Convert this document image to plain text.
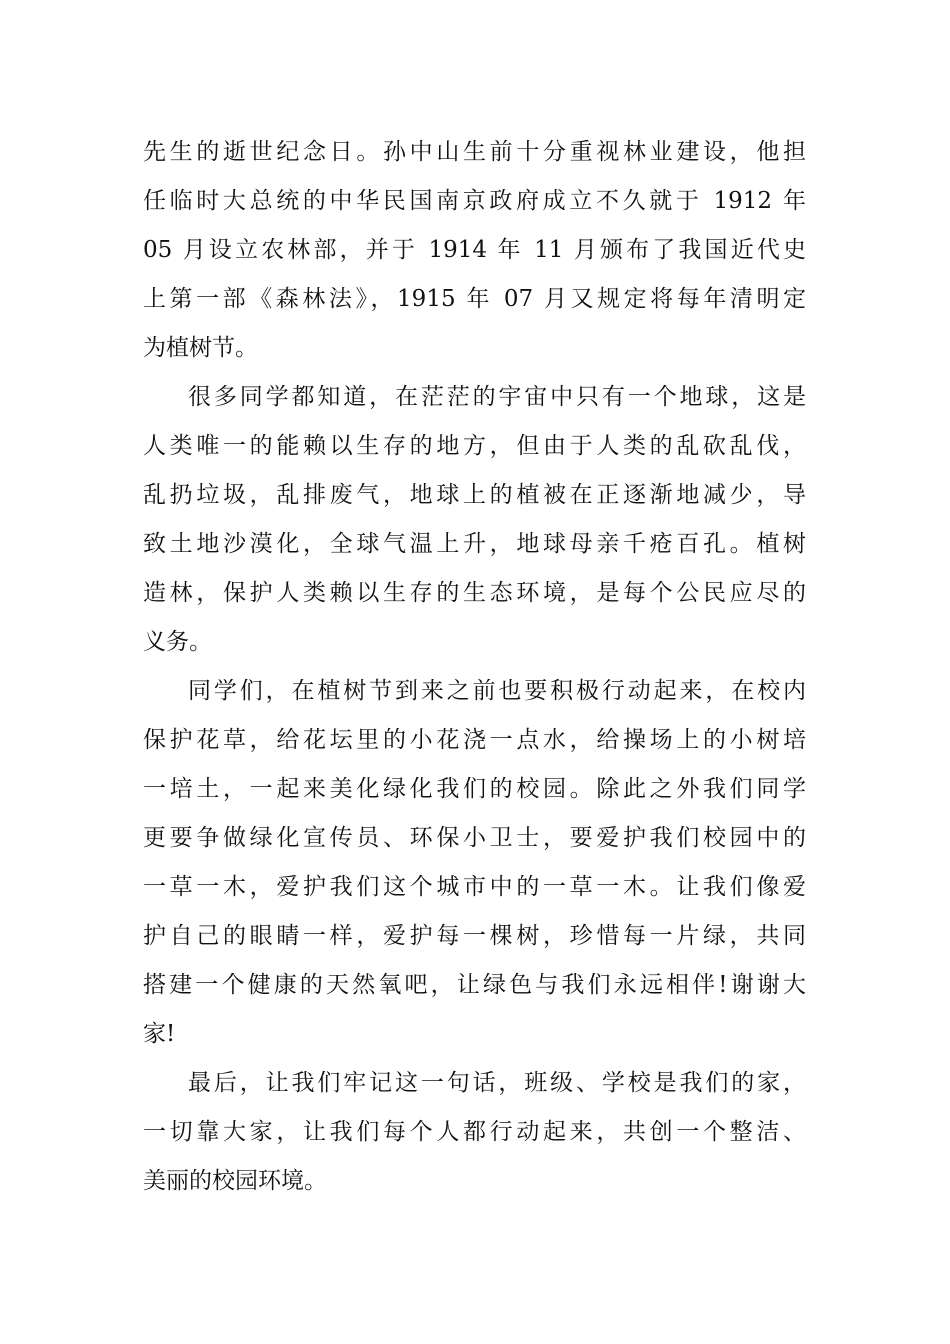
先生的逝世纪念日。孙中山生前十分重视林业建设，他担
任临时大总统的中华民国南京政府成立不久就于 1912 年
05 月设立农林部，并于 1914 年 11 月颁布了我国近代史
上第一部《森林法》，1915 年 07 月又规定将每年清明定
为植树节。
很多同学都知道，在茫茫的宇宙中只有一个地球，这是
人类唯一的能赖以生存的地方，但由于人类的乱砍乱伐，
乱扔垃圾，乱排废气，地球上的植被在正逐渐地减少，导
致土地沙漠化，全球气温上升，地球母亲千疮百孔。植树
造林，保护人类赖以生存的生态环境，是每个公民应尽的
义务。
同学们，在植树节到来之前也要积极行动起来，在校内
保护花草，给花坛里的小花浇一点水，给操场上的小树培
一培土，一起来美化绿化我们的校园。除此之外我们同学
更要争做绿化宣传员、环保小卫士，要爱护我们校园中的
一草一木，爱护我们这个城市中的一草一木。让我们像爱
护自己的眼睛一样，爱护每一棵树，珍惜每一片绿，共同
搭建一个健康的天然氧吧，让绿色与我们永远相伴!谢谢大
家!
最后，让我们牢记这一句话，班级、学校是我们的家，
一切靠大家，让我们每个人都行动起来，共创一个整洁、
美丽的校园环境。
